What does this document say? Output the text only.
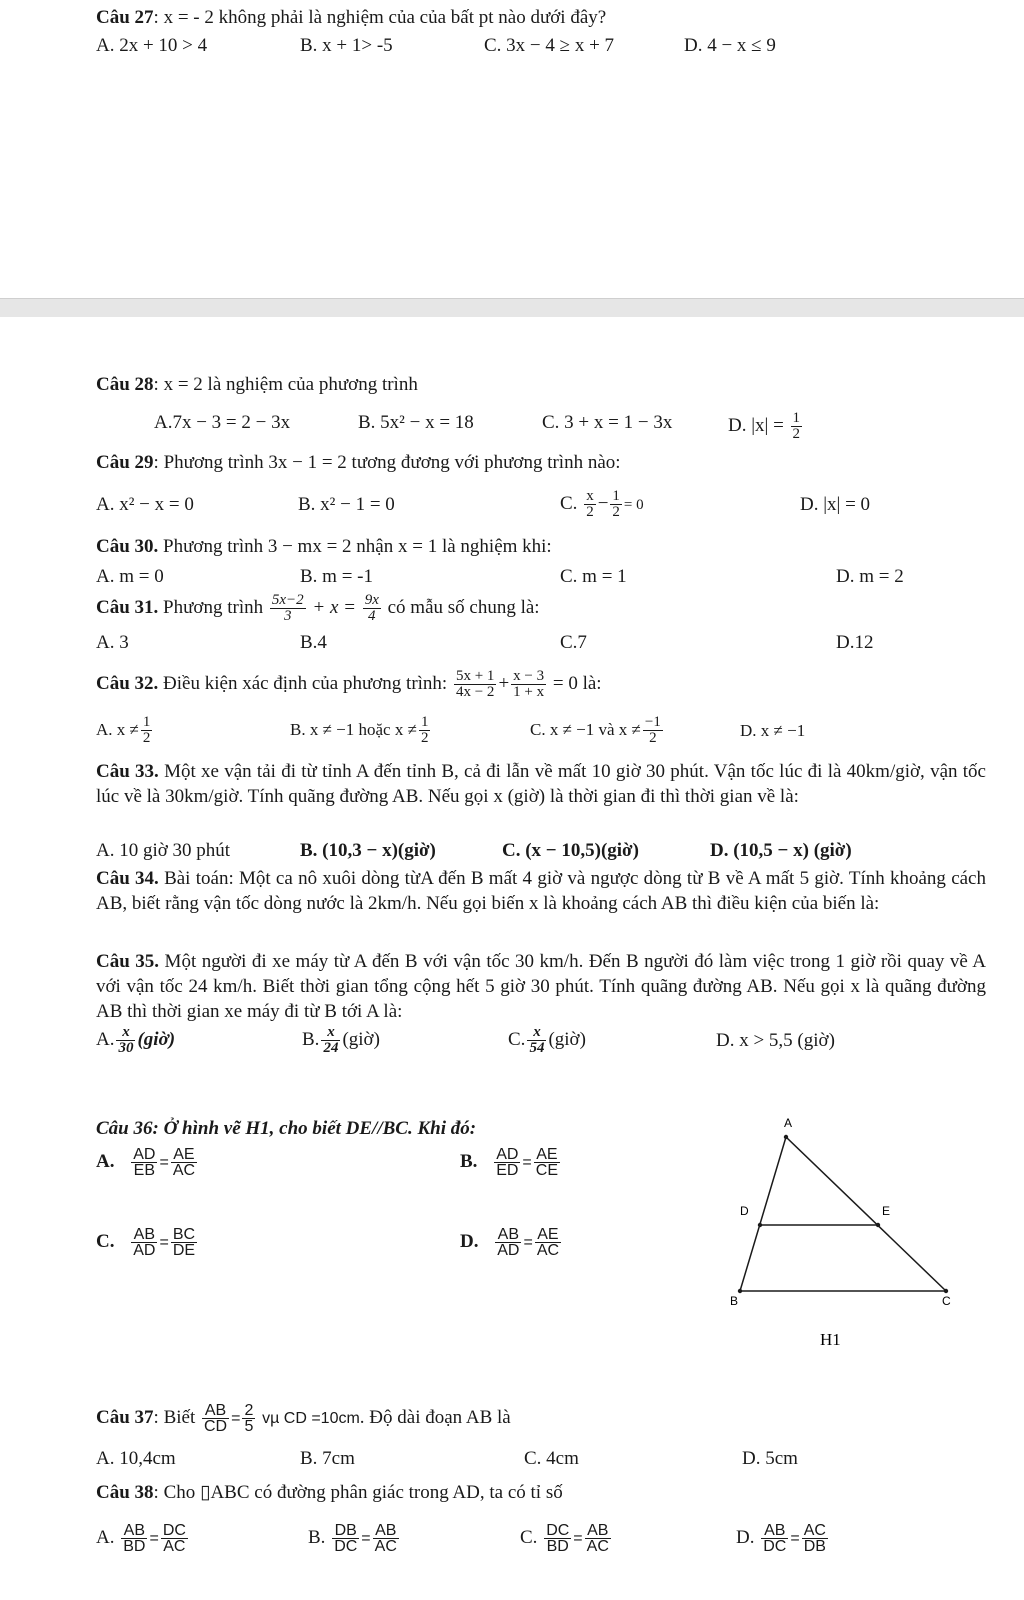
Câu 27: x = - 2 không phải là nghiệm của của bất pt nào dưới đây?
A. 2x + 10 > 4	B. x + 1> -5	C. 3x − 4 ≥ x + 7	D. 4 − x ≤ 9
Câu 28: x = 2 là nghiệm của phương trình
A.7x − 3 = 2 − 3x	B. 5x² − x = 18	C. 3 + x = 1 − 3x	D. $|x| = \frac{1}{2}$
Câu 29: Phương trình 3x − 1 = 2 tương đương với phương trình nào:
A. x² − x = 0	B. x² − 1 = 0	C. $\frac{x}{2} - \frac{1}{2} = 0$	D. |x| = 0
Câu 30. Phương trình 3 − mx = 2 nhận x = 1 là nghiệm khi:
A. m = 0	B. m = -1	C. m = 1	D. m = 2
Câu 31. Phương trình $\frac{5x-2}{3} + x = \frac{9x}{4}$ có mẫu số chung là:
A. 3	B.4	C.7	D.12
Câu 32. Điều kiện xác định của phương trình: $\frac{5x + 1}{4x - 2} + \frac{x - 3}{1 + x} = 0$ là:
A. $x \ne \frac{1}{2}$	B. x ≠ −1 hoặc $x \ne \frac{1}{2}$	C. x ≠ −1 và $x \ne \frac{-1}{2}$	D. x ≠ −1
Câu 33. Một xe vận tải đi từ tỉnh A đến tỉnh B, cả đi lẫn về mất 10 giờ 30 phút. Vận tốc lúc đi là 40km/giờ, vận tốc lúc về là 30km/giờ. Tính quãng đường AB. Nếu gọi x (giờ) là thời gian đi thì thời gian về là:
A. 10 giờ 30 phút	B. (10,3 − x)(giờ)	C. (x − 10,5)(giờ)	D. (10,5 − x) (giờ)
Câu 34. Bài toán: Một ca nô xuôi dòng từA đến B mất 4 giờ và ngược dòng từ B về A mất 5 giờ. Tính khoảng cách AB, biết rằng vận tốc dòng nước là 2km/h. Nếu gọi biến x là khoảng cách AB thì điều kiện của biến là:
Câu 35. Một người đi xe máy từ A đến B với vận tốc 30 km/h. Đến B người đó làm việc trong 1 giờ rồi quay về A với vận tốc 24 km/h. Biết thời gian tổng cộng hết 5 giờ 30 phút. Tính quãng đường AB. Nếu gọi x là quãng đường AB thì thời gian xe máy đi từ B tới A là:
A. $\frac{x}{30}$ (giờ)	B. $\frac{x}{24}$ (giờ)	C. $\frac{x}{54}$ (giờ)	D. x > 5,5 (giờ)
Câu 36: Ở hình vẽ H1, cho biết DE//BC. Khi đó:
A. $\frac{AD}{EB} = \frac{AE}{AC}$	B. $\frac{AD}{ED} = \frac{AE}{CE}$
C. $\frac{AB}{AD} = \frac{BC}{DE}$	D. $\frac{AB}{AD} = \frac{AE}{AC}$
A
B	C
D	E
H1
Câu 37: Biết $\frac{AB}{CD} = \frac{2}{5}$ vµ CD =10cm. Độ dài đoạn AB là
A. 10,4cm	B. 7cm	C. 4cm	D. 5cm
Câu 38: Cho ▯ABC có đường phân giác trong AD, ta có tỉ số
A. $\frac{AB}{BD} = \frac{DC}{AC}$	B. $\frac{DB}{DC} = \frac{AB}{AC}$	C. $\frac{DC}{BD} = \frac{AB}{AC}$	D. $\frac{AB}{DC} = \frac{AC}{DB}$
